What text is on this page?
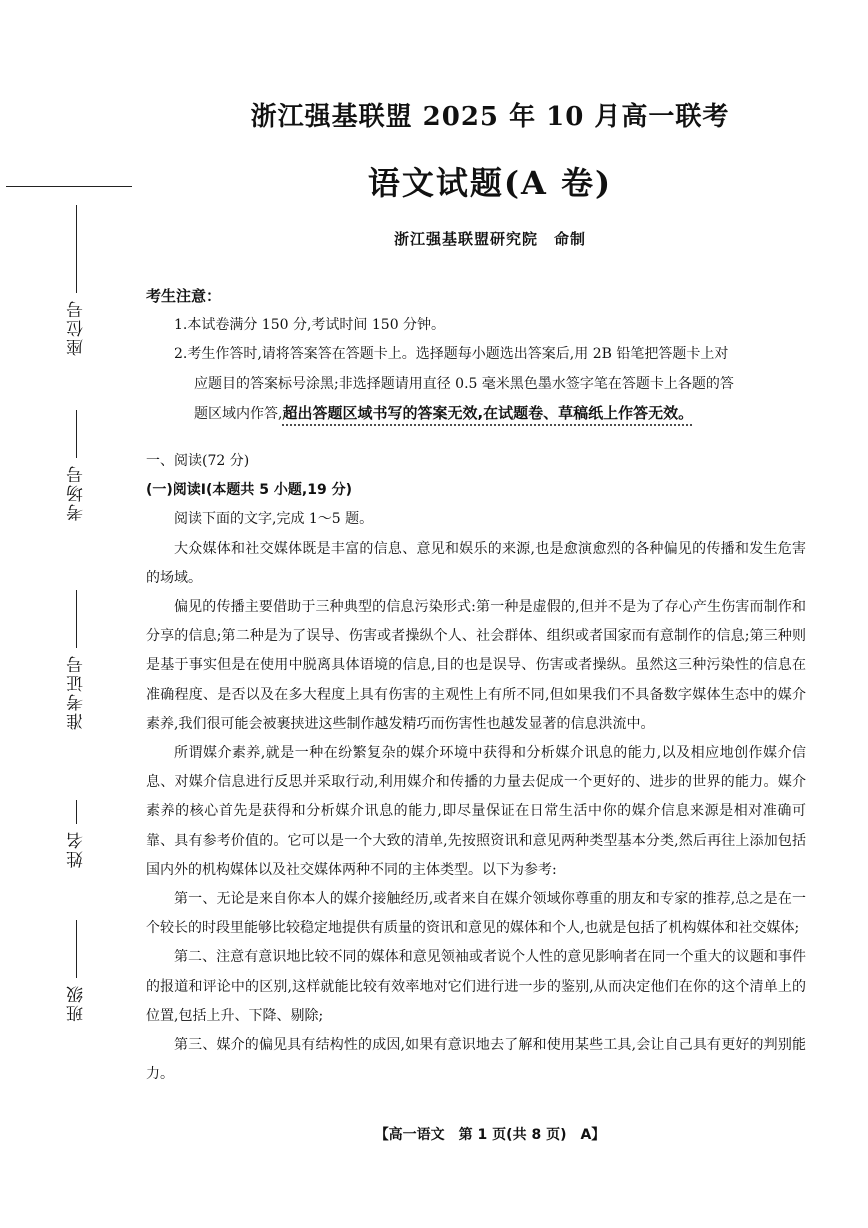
座位号
考场号
准考证号
姓名
班级
浙江强基联盟 2025 年 10 月高一联考
语文试题(A 卷)
浙江强基联盟研究院　命制
考生注意：
1.本试卷满分 150 分,考试时间 150 分钟。
2.考生作答时,请将答案答在答题卡上。选择题每小题选出答案后,用 2B 铅笔把答题卡上对
应题目的答案标号涂黑;非选择题请用直径 0.5 毫米黑色墨水签字笔在答题卡上各题的答
题区域内作答,超出答题区域书写的答案无效,在试题卷、草稿纸上作答无效。
一、阅读(72 分)
(一)阅读Ⅰ(本题共 5 小题,19 分)
阅读下面的文字,完成 1～5 题。
大众媒体和社交媒体既是丰富的信息、意见和娱乐的来源,也是愈演愈烈的各种偏见的传播和发生危害的场域。
偏见的传播主要借助于三种典型的信息污染形式:第一种是虚假的,但并不是为了存心产生伤害而制作和分享的信息;第二种是为了误导、伤害或者操纵个人、社会群体、组织或者国家而有意制作的信息;第三种则是基于事实但是在使用中脱离具体语境的信息,目的也是误导、伤害或者操纵。虽然这三种污染性的信息在准确程度、是否以及在多大程度上具有伤害的主观性上有所不同,但如果我们不具备数字媒体生态中的媒介素养,我们很可能会被裹挟进这些制作越发精巧而伤害性也越发显著的信息洪流中。
所谓媒介素养,就是一种在纷繁复杂的媒介环境中获得和分析媒介讯息的能力,以及相应地创作媒介信息、对媒介信息进行反思并采取行动,利用媒介和传播的力量去促成一个更好的、进步的世界的能力。媒介素养的核心首先是获得和分析媒介讯息的能力,即尽量保证在日常生活中你的媒介信息来源是相对准确可靠、具有参考价值的。它可以是一个大致的清单,先按照资讯和意见两种类型基本分类,然后再往上添加包括国内外的机构媒体以及社交媒体两种不同的主体类型。以下为参考:
第一、无论是来自你本人的媒介接触经历,或者来自在媒介领域你尊重的朋友和专家的推荐,总之是在一个较长的时段里能够比较稳定地提供有质量的资讯和意见的媒体和个人,也就是包括了机构媒体和社交媒体;
第二、注意有意识地比较不同的媒体和意见领袖或者说个人性的意见影响者在同一个重大的议题和事件的报道和评论中的区别,这样就能比较有效率地对它们进行进一步的鉴别,从而决定他们在你的这个清单上的位置,包括上升、下降、剔除;
第三、媒介的偏见具有结构性的成因,如果有意识地去了解和使用某些工具,会让自己具有更好的判别能力。
【高一语文　第 1 页(共 8 页)　A】
